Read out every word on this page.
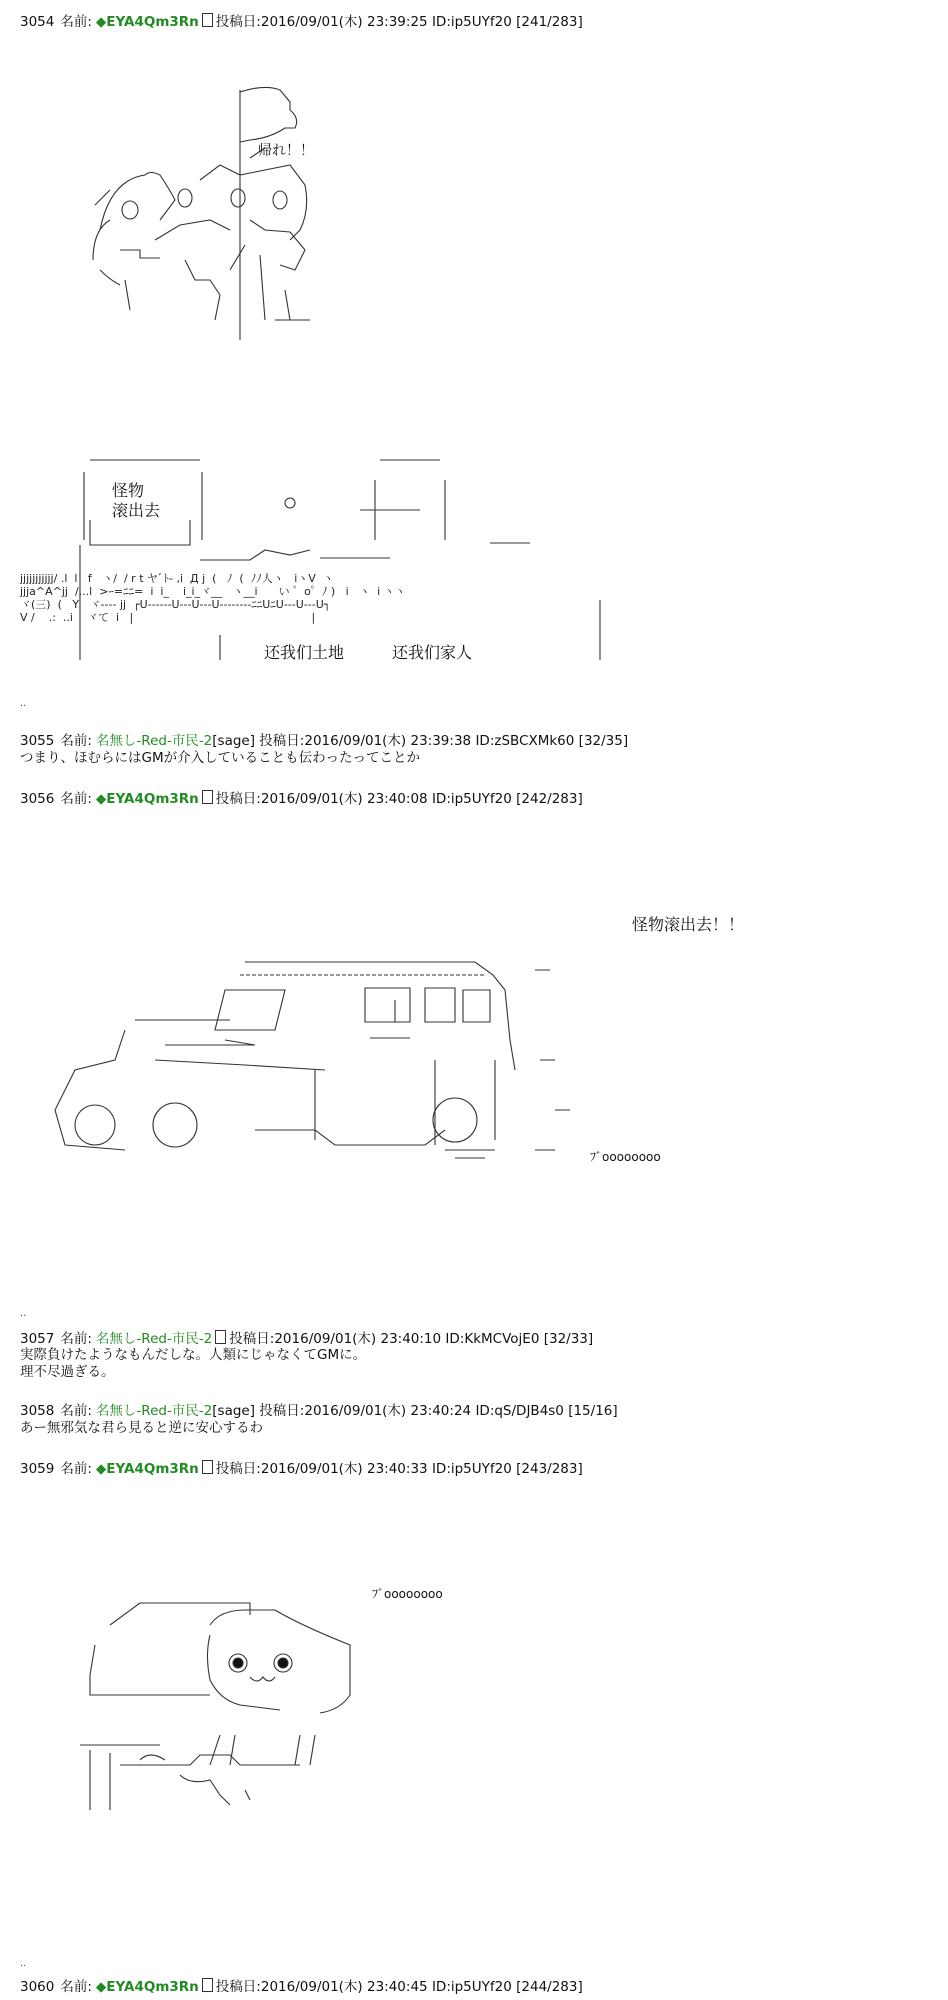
3054 名前: ◆EYA4Qm3Rn 投稿日:2016/09/01(木) 23:39:25 ID:ip5UYf20 [241/283]
帰れ！！
怪物
滚出去
jjjjjjjjjjj/ .l  l   f   ヽ/  / r t ヤﾞﾄ- ,i  Д j  (   ﾉ  (  ﾉﾉ人ヽ   iヽV  ヽ
jjja^A^jj  /...l  >ｰ=ﾆﾆ=  i  i_    i_i_ヾ__   ヽ__i      い ゜o゜ﾉ )   i   ヽ  i ヽヽ
ヾ(三)  (   Y   ヾ---- jj  ┌U------U---U---U--------ﾆﾆUﾆU---U---U┐
V /    .:  ..i    ヾて  i   |                                                   |
还我们土地　　　还我们家人
..
3055 名前: 名無し-Red-市民-2[sage] 投稿日:2016/09/01(木) 23:39:38 ID:zSBCXMk60 [32/35]
つまり、ほむらにはGMが介入していることも伝わったってことか
3056 名前: ◆EYA4Qm3Rn 投稿日:2016/09/01(木) 23:40:08 ID:ip5UYf20 [242/283]
怪物滚出去！！
ﾌﾞoooooooo
..
3057 名前: 名無し-Red-市民-2 投稿日:2016/09/01(木) 23:40:10 ID:KkMCVojE0 [32/33]
実際負けたようなもんだしな。人類にじゃなくてGMに。
理不尽過ぎる。
3058 名前: 名無し-Red-市民-2[sage] 投稿日:2016/09/01(木) 23:40:24 ID:qS/DJB4s0 [15/16]
あー無邪気な君ら見ると逆に安心するわ
3059 名前: ◆EYA4Qm3Rn 投稿日:2016/09/01(木) 23:40:33 ID:ip5UYf20 [243/283]
ﾌﾞoooooooo
..
3060 名前: ◆EYA4Qm3Rn 投稿日:2016/09/01(木) 23:40:45 ID:ip5UYf20 [244/283]
